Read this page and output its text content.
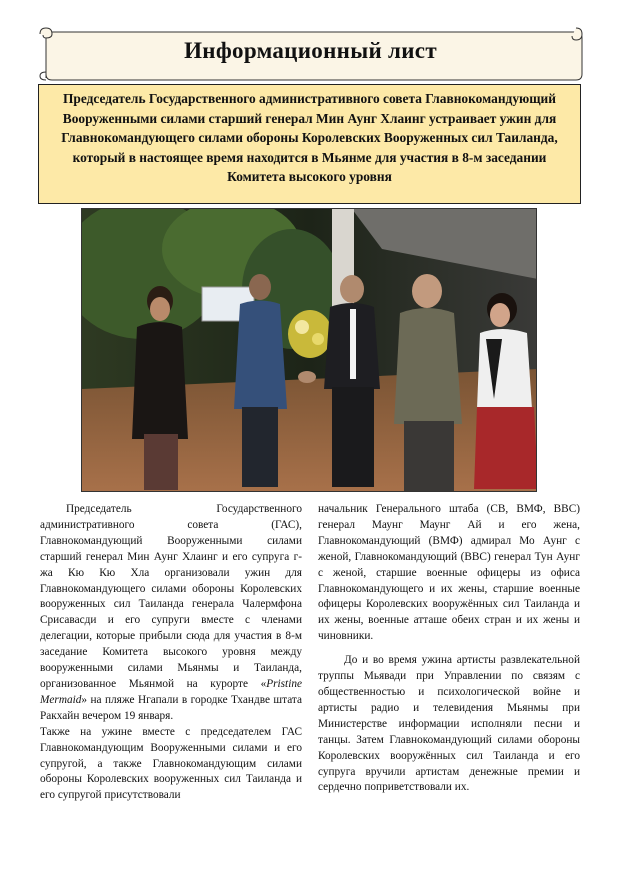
Информационный лист
Председатель Государственного административного совета Главнокомандующий Вооруженными силами старший генерал Мин Аунг Хлаинг устраивает ужин для Главнокомандующего силами обороны Королевских Вооруженных сил Таиланда, который в настоящее время находится в Мьянме для участия в 8-м заседании Комитета высокого уровня

Председатель Государственного административного совета (ГАС), Главнокомандующий Вооруженными силами старший генерал Мин Аунг Хлаинг и его супруга г-жа Кю Кю Хла организовали ужин для Главнокомандующего силами обороны Королевских вооруженных сил Таиланда генерала Чалермфона Срисавасди и его супруги вместе с членами делегации, которые прибыли сюда для участия в 8-м заседание Комитета высокого уровня между вооруженными силами Мьянмы и Таиланда, организованное Мьянмой на курорте «Pristine Mermaid» на пляже Нгапали в городке Тхандве штата Ракхайн вечером 19 января.

Также на ужине вместе с председателем ГАС Главнокомандующим Вооруженными силами и его супругой, а также Главнокомандующим силами обороны Королевских вооруженных сил Таиланда и его супругой присутствовали

начальник Генерального штаба (СВ, ВМФ, ВВС) генерал Маунг Маунг Ай и его жена, Главнокомандующий (ВМФ) адмирал Мо Аунг с женой, Главнокомандующий (ВВС) генерал Тун Аунг с женой, старшие военные офицеры из офиса Главнокомандующего и их жены, старшие военные офицеры Королевских вооружённых сил Таиланда и их жены, военные атташе обеих стран и их жены и чиновники.

До и во время ужина артисты развлекательной труппы Мьявади при Управлении по связям с общественностью и психологической войне и артисты радио и телевидения Мьянмы при Министерстве информации исполняли песни и танцы. Затем Главнокомандующий силами обороны Королевских вооружённых сил Таиланда и его супруга вручили артистам денежные премии и сердечно поприветствовали их.
